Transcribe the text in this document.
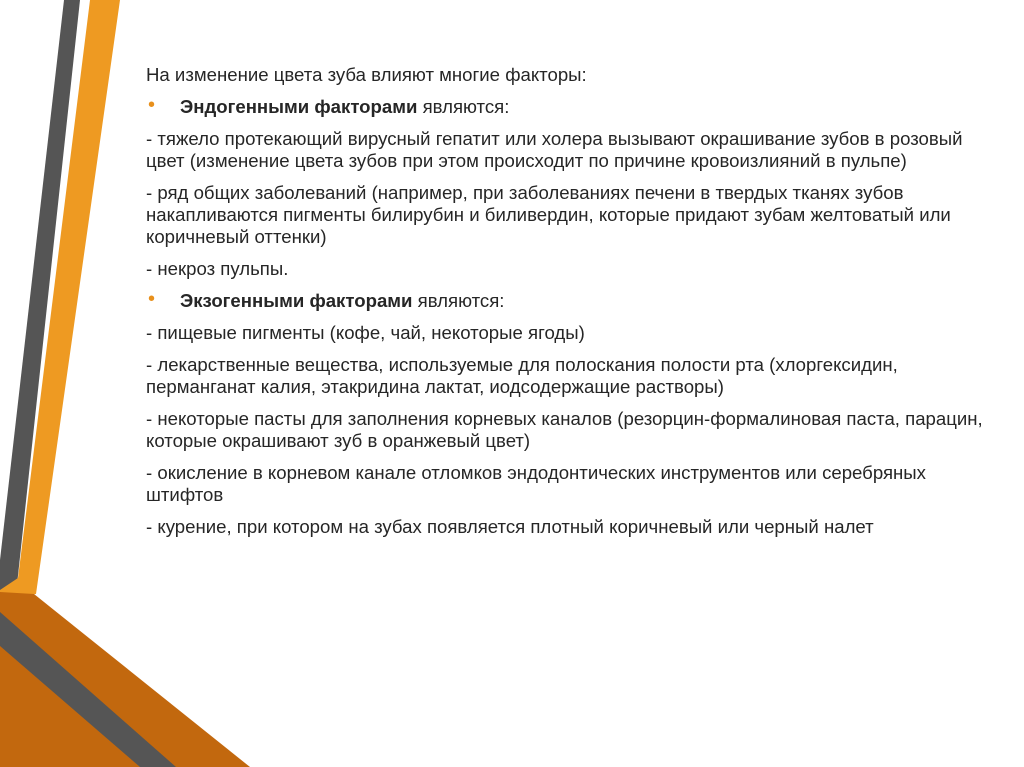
На изменение цвета зуба влияют многие факторы:

• Эндогенными факторами являются:

- тяжело протекающий вирусный гепатит или холера вызывают окрашивание зубов в розовый цвет (изменение цвета зубов при этом происходит по причине кровоизлияний в пульпе)

- ряд общих заболеваний (например, при заболеваниях печени в твердых тканях зубов накапливаются пигменты билирубин и биливердин, которые придают зубам желтоватый или коричневый оттенки)

- некроз пульпы.

• Экзогенными факторами являются:

- пищевые пигменты (кофе, чай, некоторые ягоды)

- лекарственные вещества, используемые для полоскания полости рта (хлоргексидин, перманганат калия, этакридина лактат, иодсодержащие растворы)

- некоторые пасты для заполнения корневых каналов (резорцин-формалиновая паста, парацин, которые окрашивают зуб в оранжевый цвет)

- окисление в корневом канале отломков эндодонтических инструментов или серебряных штифтов

- курение, при котором на зубах появляется плотный коричневый или черный налет
